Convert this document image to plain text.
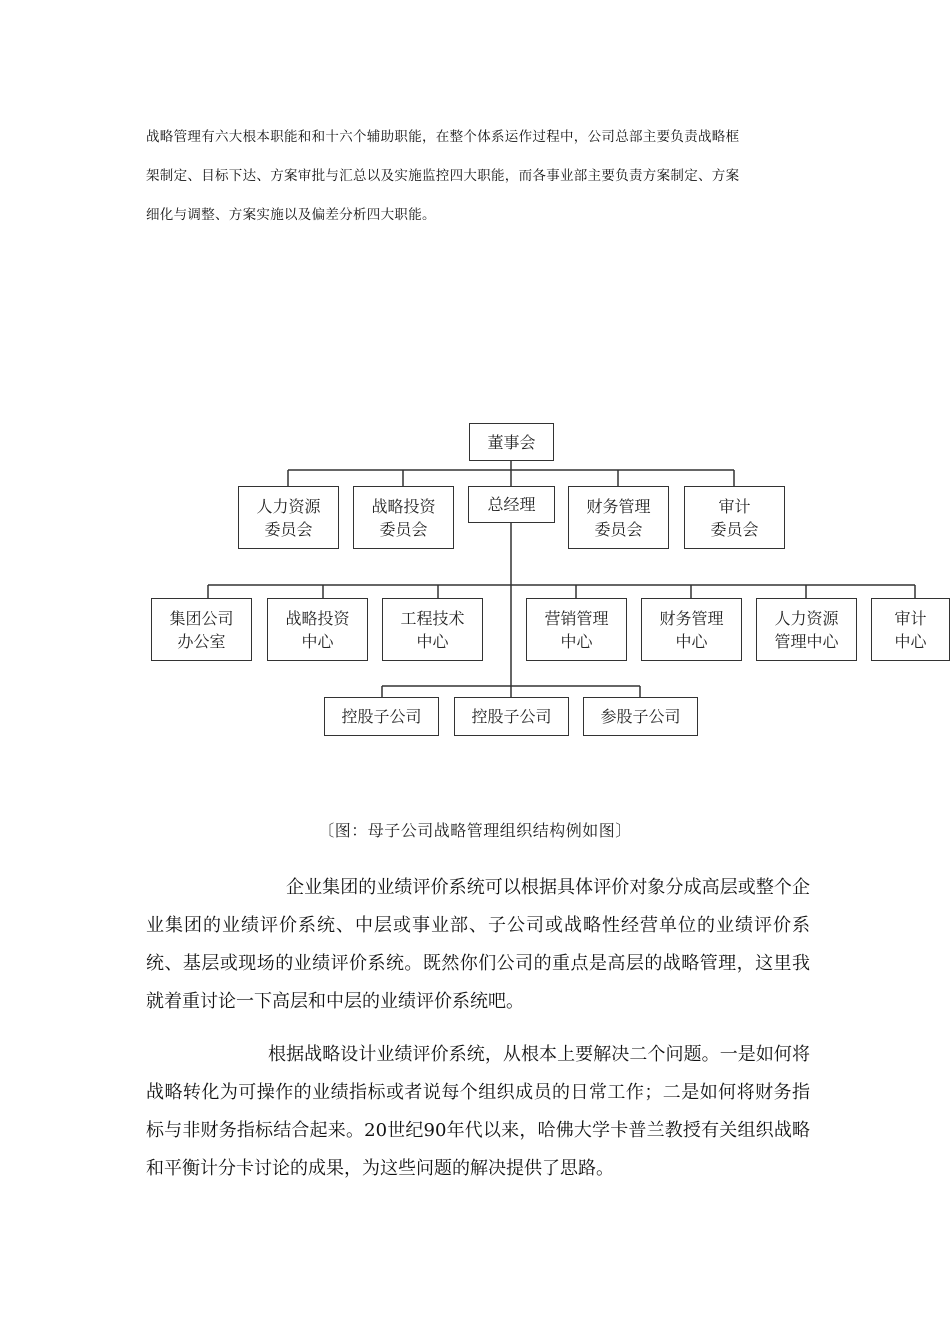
战略管理有六大根本职能和和十六个辅助职能，在整个体系运作过程中，公司总部主要负责战略框

架制定、目标下达、方案审批与汇总以及实施监控四大职能，而各事业部主要负责方案制定、方案

细化与调整、方案实施以及偏差分析四大职能。

董事会
人力资源
委员会
战略投资
委员会
总经理	财务管理
委员会
审计
委员会
集团公司
办公室
战略投资
中心
工程技术
中心
营销管理
中心
财务管理
中心
人力资源
管理中心
审计
中心
控股子公司	控股子公司	参股子公司
〔图：母子公司战略管理组织结构例如图〕
企业集团的业绩评价系统可以根据具体评价对象分成高层或整个企业集团的业绩评价系统、中层或事业部、子公司或战略性经营单位的业绩评价系统、基层或现场的业绩评价系统。既然你们公司的重点是高层的战略管理，这里我就着重讨论一下高层和中层的业绩评价系统吧。
根据战略设计业绩评价系统，从根本上要解决二个问题。一是如何将战略转化为可操作的业绩指标或者说每个组织成员的日常工作；二是如何将财务指标与非财务指标结合起来。20世纪90年代以来，哈佛大学卡普兰教授有关组织战略和平衡计分卡讨论的成果，为这些问题的解决提供了思路。
